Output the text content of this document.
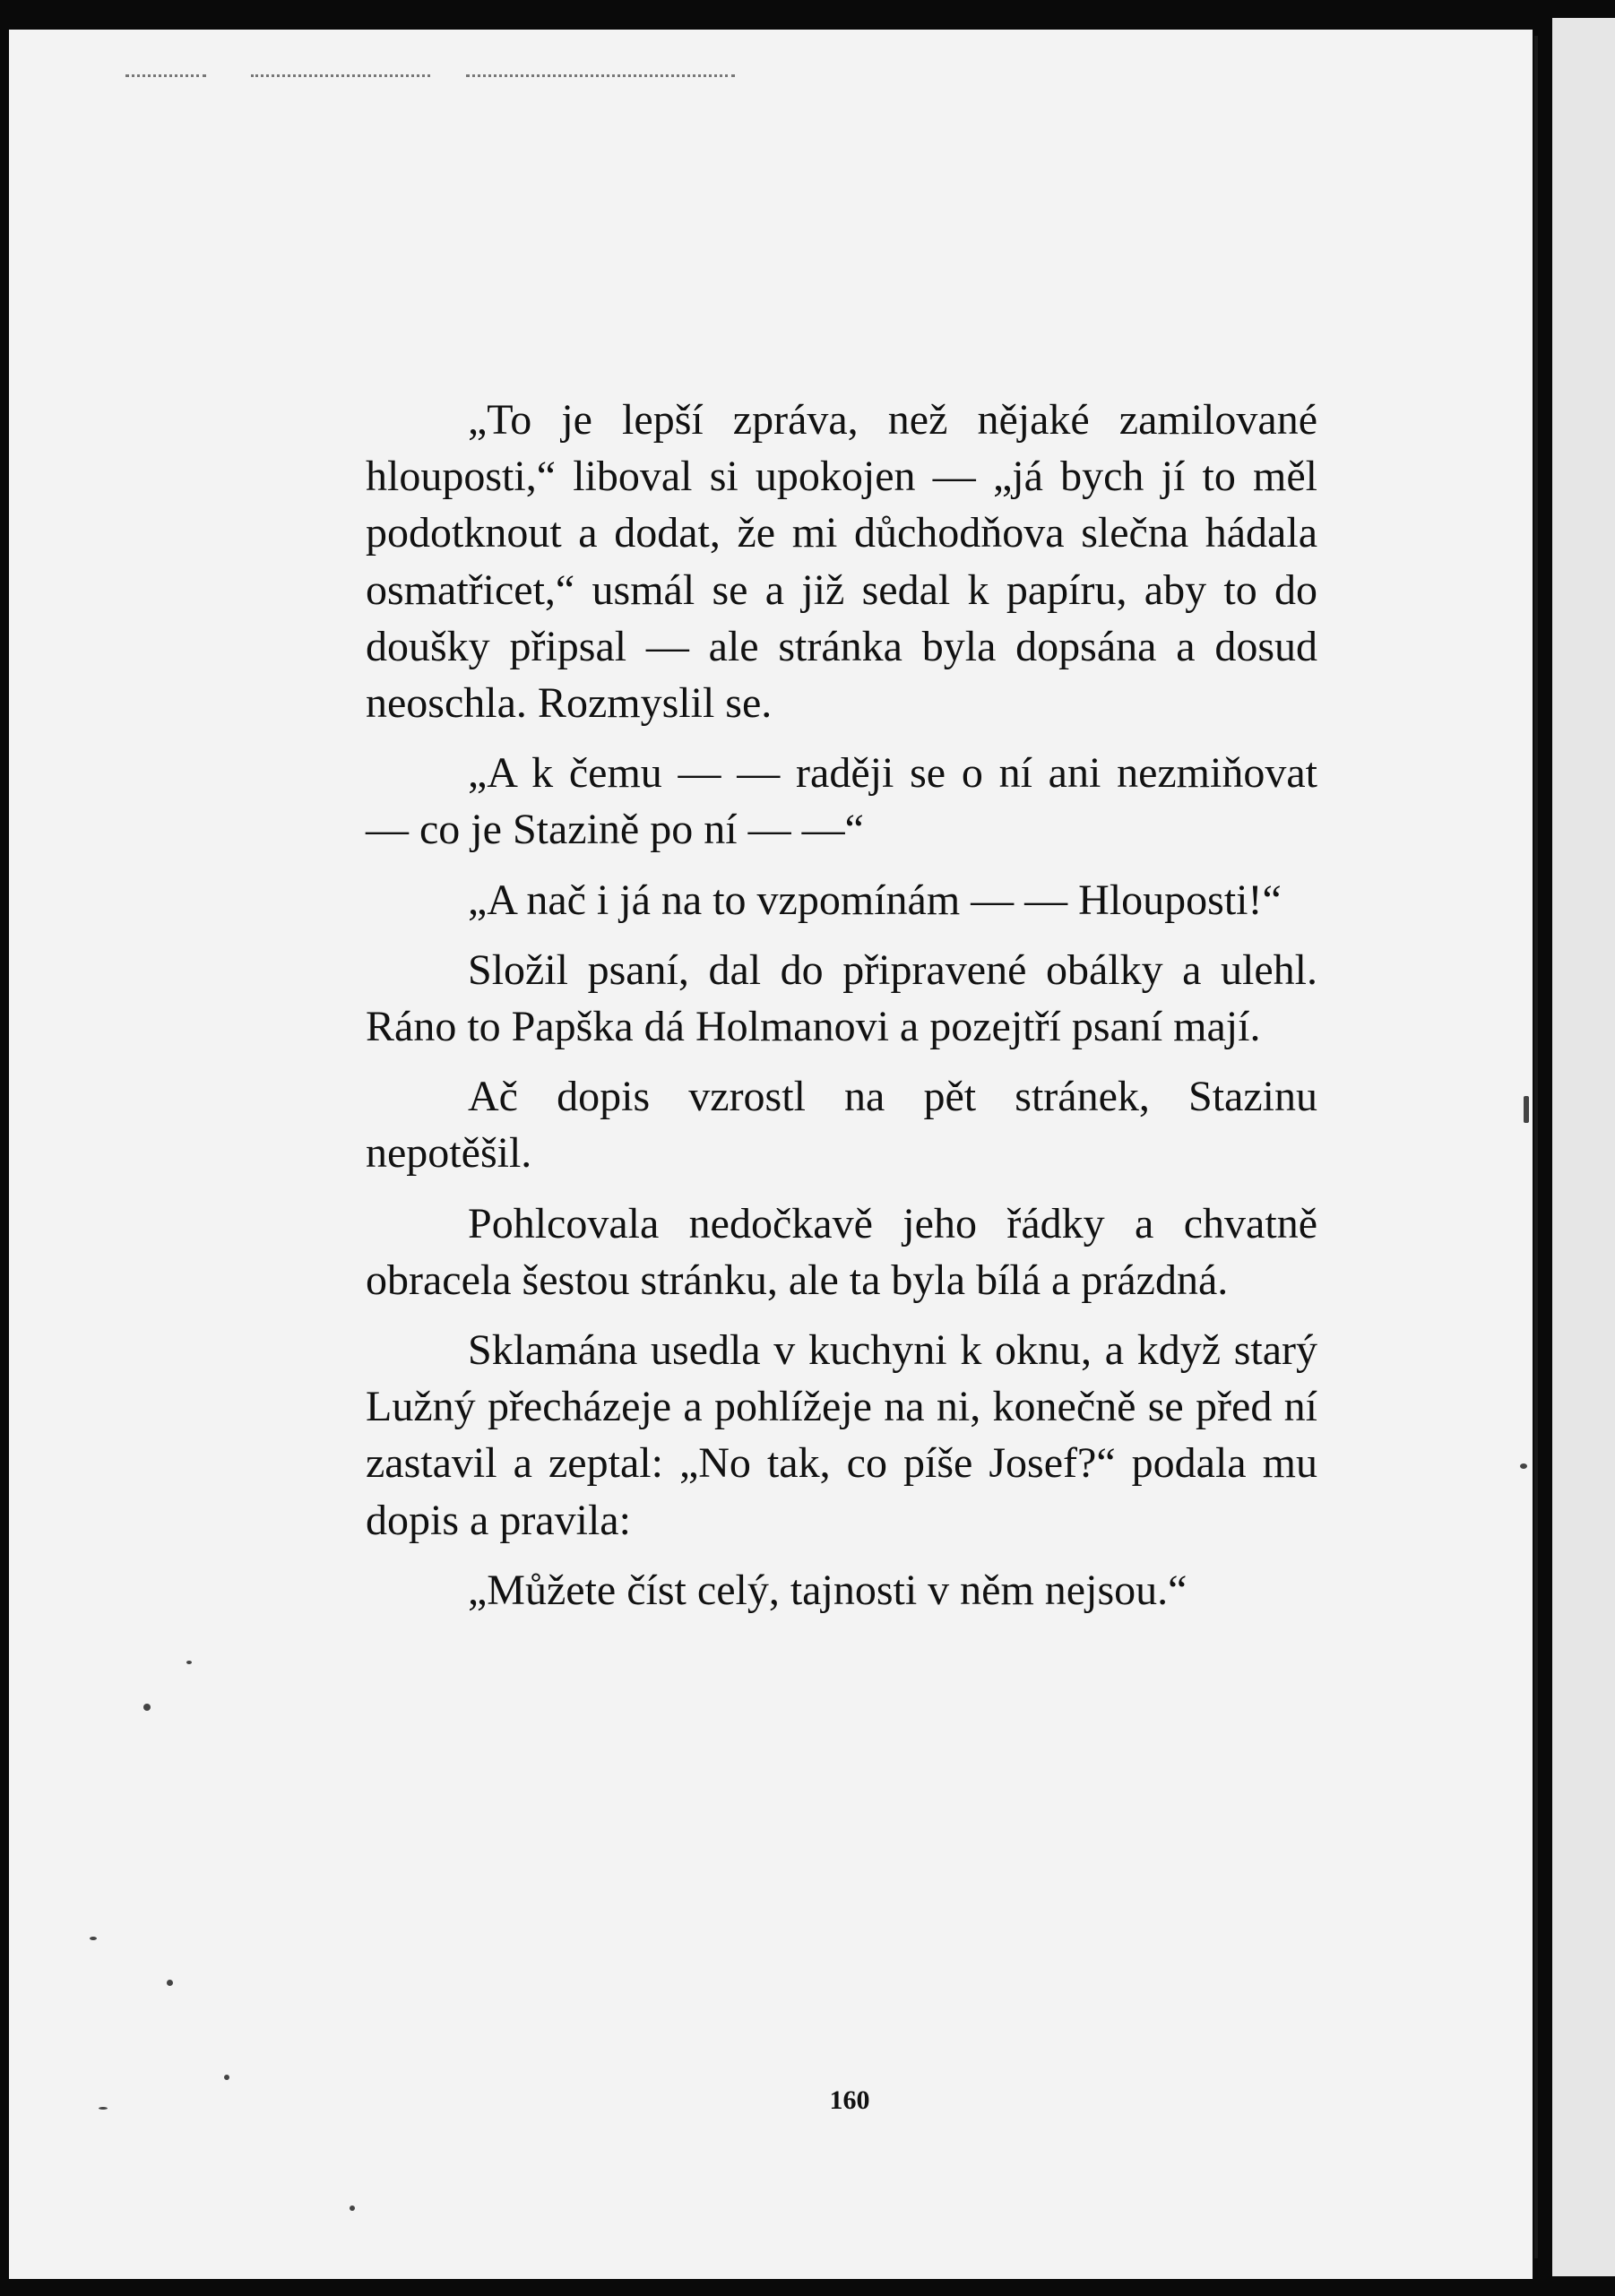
„To je lepší zpráva, než nějaké zamilované hlouposti,“ liboval si upokojen — „já bych jí to měl podotknout a dodat, že mi důchodňova slečna hádala osmatřicet,“ usmál se a již sedal k papíru, aby to do doušky připsal — ale stránka byla dopsána a dosud neoschla. Rozmyslil se.

„A k čemu — — raději se o ní ani nezmiňovat — co je Stazině po ní — —“

„A nač i já na to vzpomínám — — Hlouposti!“

Složil psaní, dal do připravené obálky a ulehl. Ráno to Papška dá Holmanovi a pozejtří psaní mají.

Ač dopis vzrostl na pět stránek, Stazinu nepotěšil.

Pohlcovala nedočkavě jeho řádky a chvatně obracela šestou stránku, ale ta byla bílá a prázdná.

Sklamána usedla v kuchyni k oknu, a když starý Lužný přecházeje a pohlížeje na ni, konečně se před ní zastavil a zeptal: „No tak, co píše Josef?“ podala mu dopis a pravila:

„Můžete číst celý, tajnosti v něm nejsou.“

160
